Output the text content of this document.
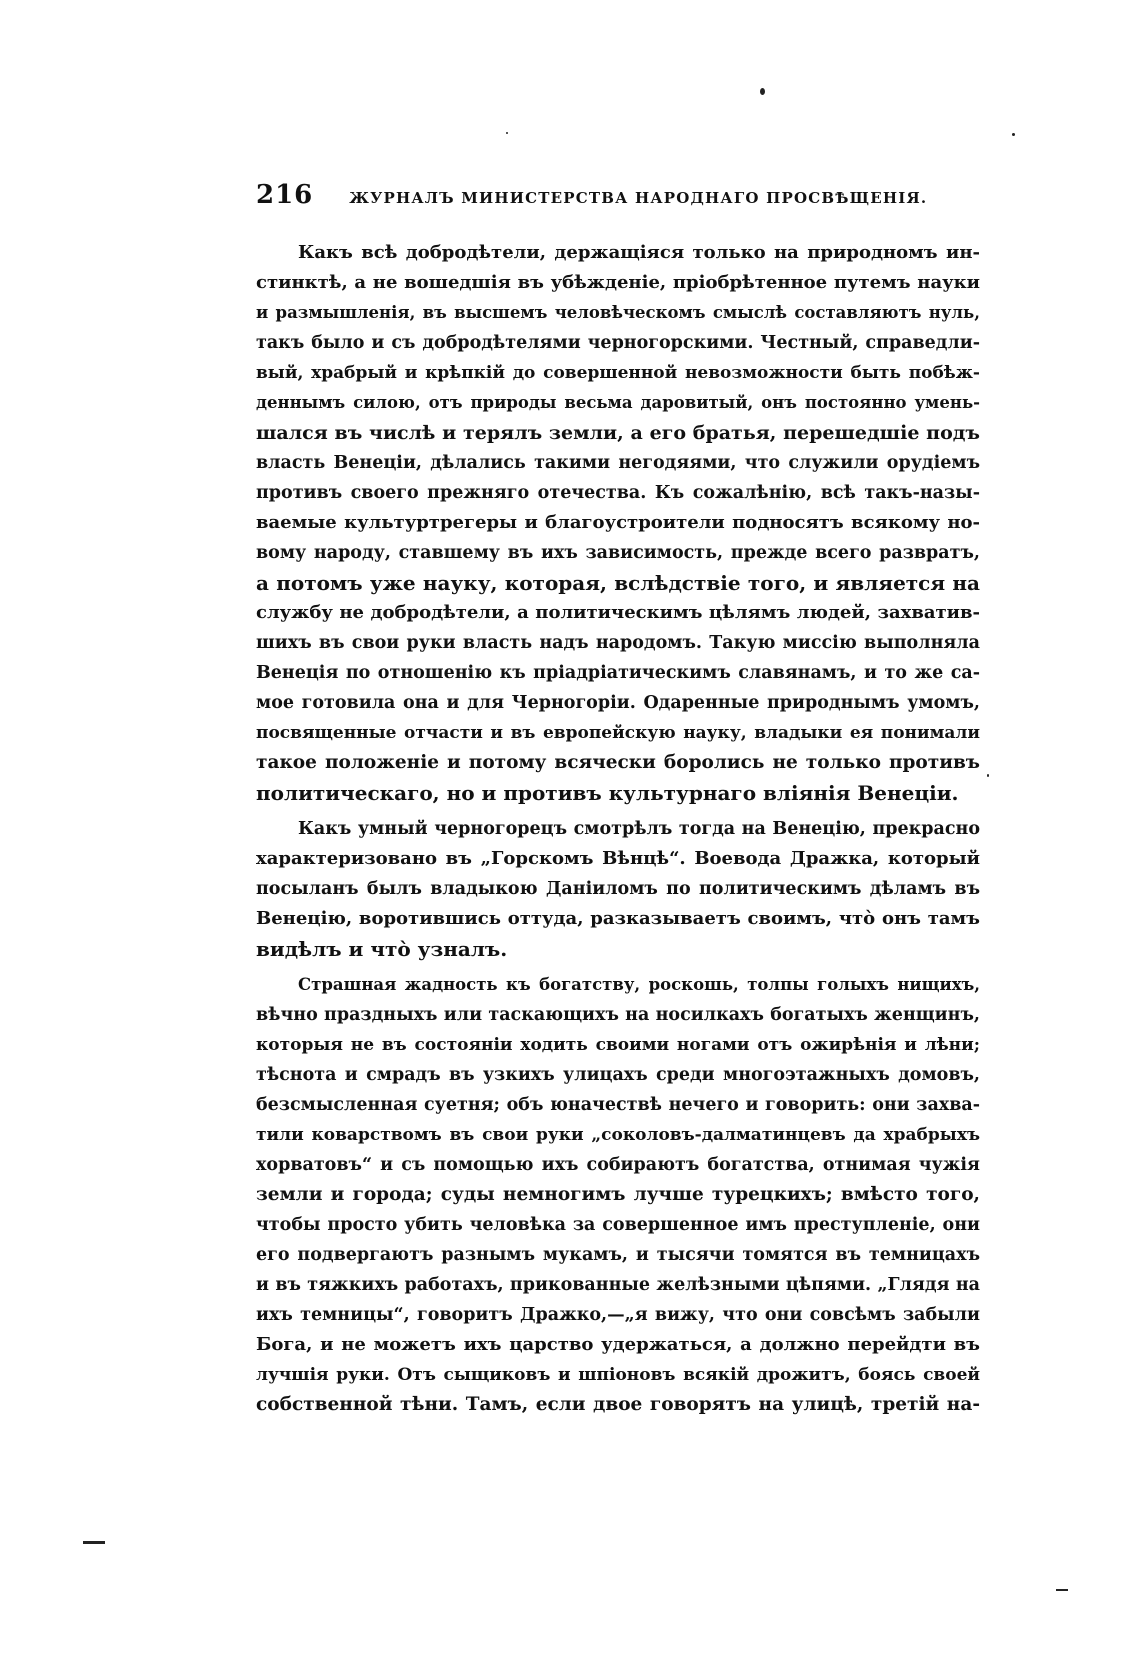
216 ЖУРНАЛЪ МИНИСТЕРСТВА НАРОДНАГО ПРОСВѢЩЕНІЯ.
Какъ всѣ добродѣтели, держащіяся только на природномъ ин-
стинктѣ, а не вошедшія въ убѣжденіе, пріобрѣтенное путемъ науки
и размышленія, въ высшемъ человѣческомъ смыслѣ составляютъ нуль,
такъ было и съ добродѣтелями черногорскими. Честный, справедли-
вый, храбрый и крѣпкій до совершенной невозможности быть побѣж-
деннымъ силою, отъ природы весьма даровитый, онъ постоянно умень-
шался въ числѣ и терялъ земли, а его братья, перешедшіе подъ
власть Венеціи, дѣлались такими негодяями, что служили орудіемъ
противъ своего прежняго отечества. Къ сожалѣнію, всѣ такъ-назы-
ваемые культуртрегеры и благоустроители подносятъ всякому но-
вому народу, ставшему въ ихъ зависимость, прежде всего развратъ,
а потомъ уже науку, которая, вслѣдствіе того, и является на
службу не добродѣтели, а политическимъ цѣлямъ людей, захватив-
шихъ въ свои руки власть надъ народомъ. Такую миссію выполняла
Венеція по отношенію къ пріадріатическимъ славянамъ, и то же са-
мое готовила она и для Черногоріи. Одаренные природнымъ умомъ,
посвященные отчасти и въ европейскую науку, владыки ея понимали
такое положеніе и потому всячески боролись не только противъ
политическаго, но и противъ культурнаго вліянія Венеціи.
Какъ умный черногорецъ смотрѣлъ тогда на Венецію, прекрасно
характеризовано въ „Горскомъ Вѣнцѣ“. Воевода Дражка, который
посыланъ былъ владыкою Даніиломъ по политическимъ дѣламъ въ
Венецію, воротившись оттуда, разказываетъ своимъ, что̀ онъ тамъ
видѣлъ и что̀ узналъ.
Страшная жадность къ богатству, роскошь, толпы голыхъ нищихъ,
вѣчно праздныхъ или таскающихъ на носилкахъ богатыхъ женщинъ,
которыя не въ состояніи ходить своими ногами отъ ожирѣнія и лѣни;
тѣснота и смрадъ въ узкихъ улицахъ среди многоэтажныхъ домовъ,
безсмысленная суетня; объ юначествѣ нечего и говорить: они захва-
тили коварствомъ въ свои руки „соколовъ-далматинцевъ да храбрыхъ
хорватовъ“ и съ помощью ихъ собираютъ богатства, отнимая чужія
земли и города; суды немногимъ лучше турецкихъ; вмѣсто того,
чтобы просто убить человѣка за совершенное имъ преступленіе, они
его подвергаютъ разнымъ мукамъ, и тысячи томятся въ темницахъ
и въ тяжкихъ работахъ, прикованные желѣзными цѣпями. „Глядя на
ихъ темницы“, говоритъ Дражко,—„я вижу, что они совсѣмъ забыли
Бога, и не можетъ ихъ царство удержаться, а должно перейдти въ
лучшія руки. Отъ сыщиковъ и шпіоновъ всякій дрожитъ, боясь своей
собственной тѣни. Тамъ, если двое говорятъ на улицѣ, третій на-
